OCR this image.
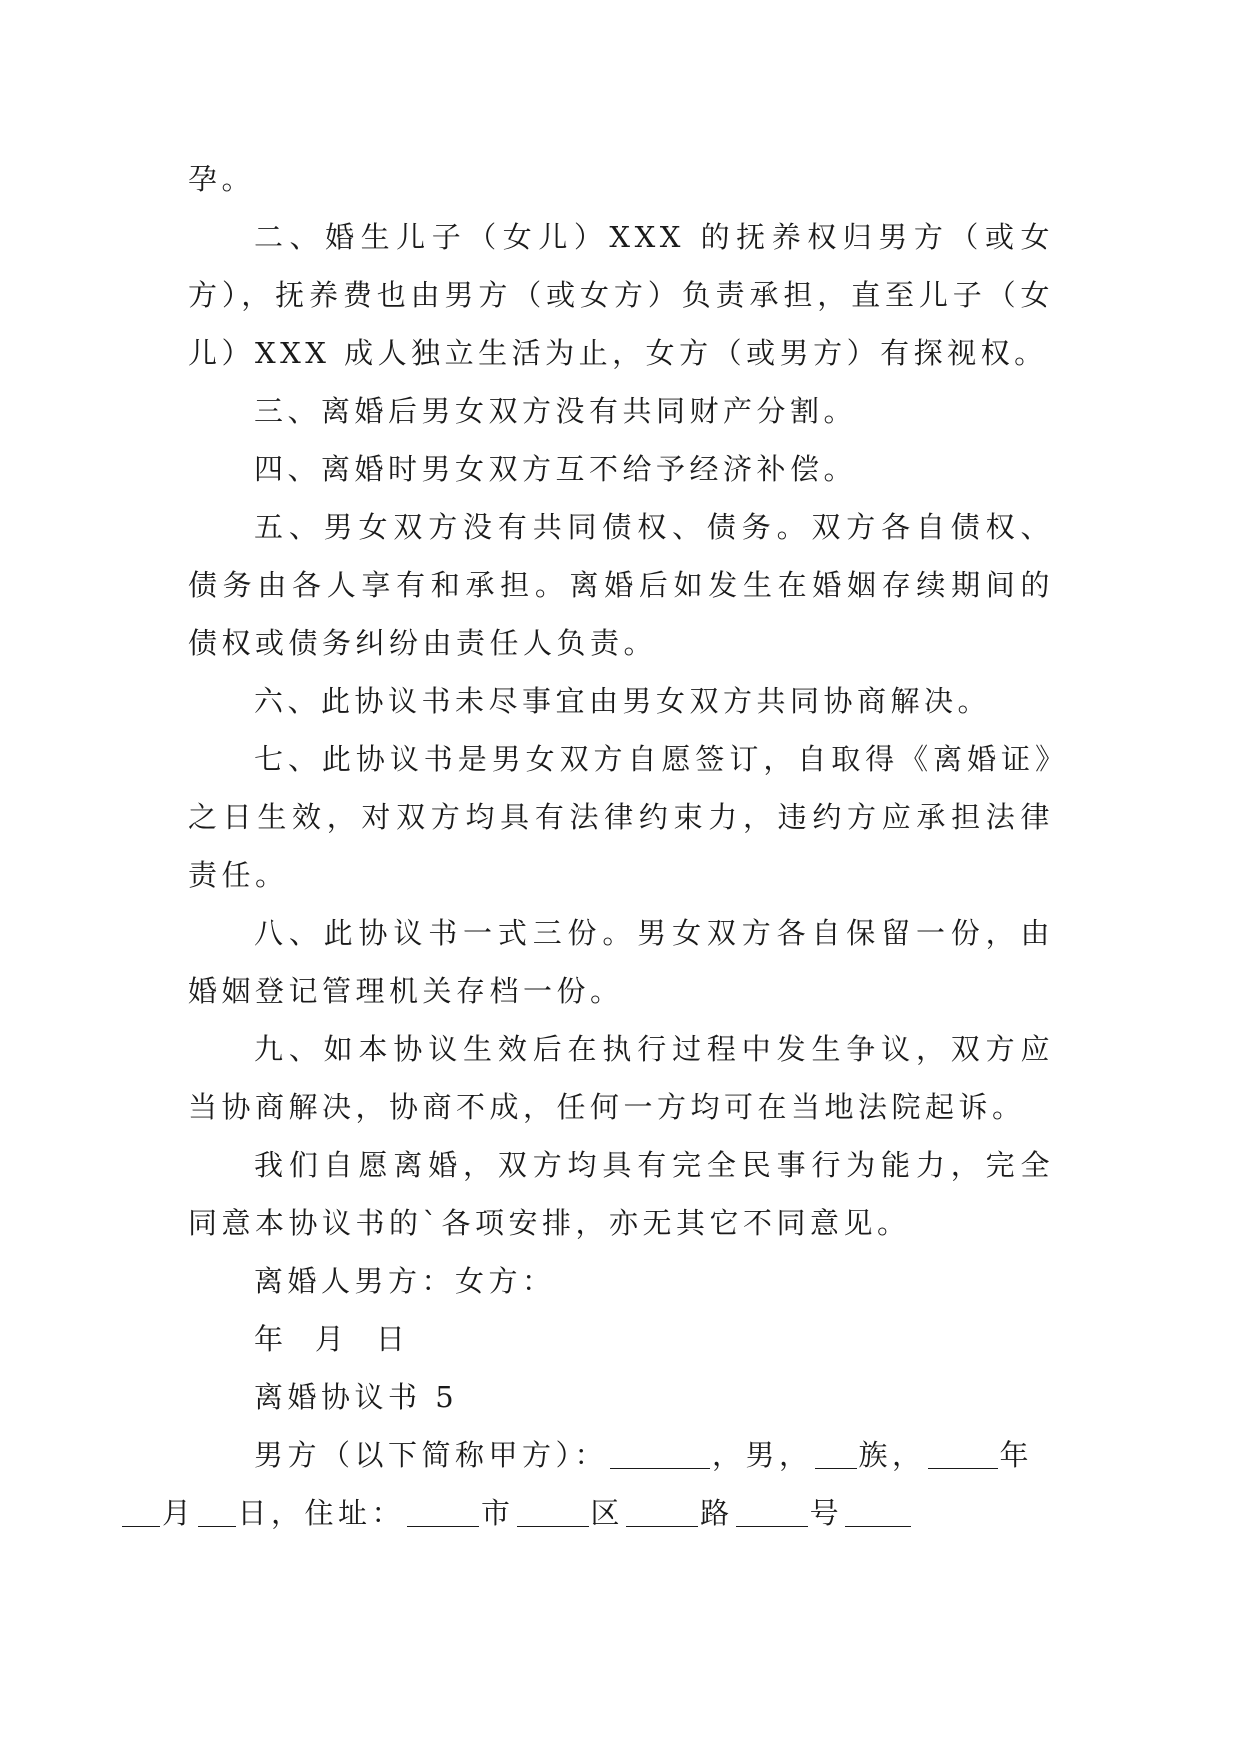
孕。

二、婚生儿子（女儿）XXX 的抚养权归男方（或女方），抚养费也由男方（或女方）负责承担，直至儿子（女儿）XXX 成人独立生活为止，女方（或男方）有探视权。

三、离婚后男女双方没有共同财产分割。

四、离婚时男女双方互不给予经济补偿。

五、男女双方没有共同债权、债务。双方各自债权、债务由各人享有和承担。离婚后如发生在婚姻存续期间的债权或债务纠纷由责任人负责。

六、此协议书未尽事宜由男女双方共同协商解决。

七、此协议书是男女双方自愿签订，自取得《离婚证》之日生效，对双方均具有法律约束力，违约方应承担法律责任。

八、此协议书一式三份。男女双方各自保留一份，由婚姻登记管理机关存档一份。

九、如本协议生效后在执行过程中发生争议，双方应当协商解决，协商不成，任何一方均可在当地法院起诉。

我们自愿离婚，双方均具有完全民事行为能力，完全同意本协议书的`各项安排，亦无其它不同意见。

离婚人男方：女方：

年  月  日

离婚协议书 5

男方（以下简称甲方）：	，男， 族，	年
月 日，住址：	市	区	路	号
